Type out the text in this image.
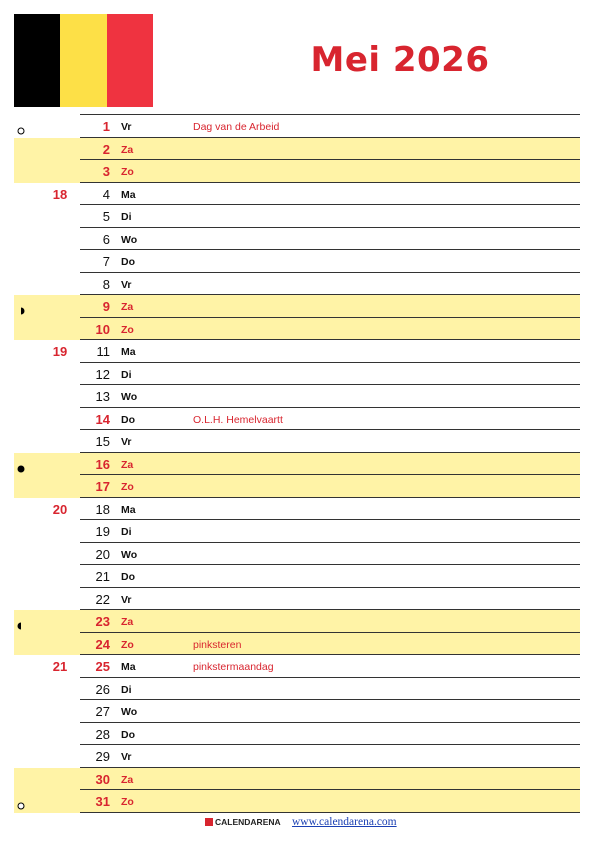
Mei 2026
1 Vr	Dag van de Arbeid
2 Za
3 Zo
18	4 Ma
5 Di
6 Wo
7 Do
8 Vr
9 Za
10 Zo
19	11 Ma
12 Di
13 Wo
14 Do	O.L.H. Hemelvaartt
15 Vr
16 Za
17 Zo
20	18 Ma
19 Di
20 Wo
21 Do
22 Vr
23 Za
24 Zo	pinksteren
21	25 Ma	pinkstermaandag
26 Di
27 Wo
28 Do
29 Vr
30 Za
31 Zo
CALENDARENA www.calendarena.com
